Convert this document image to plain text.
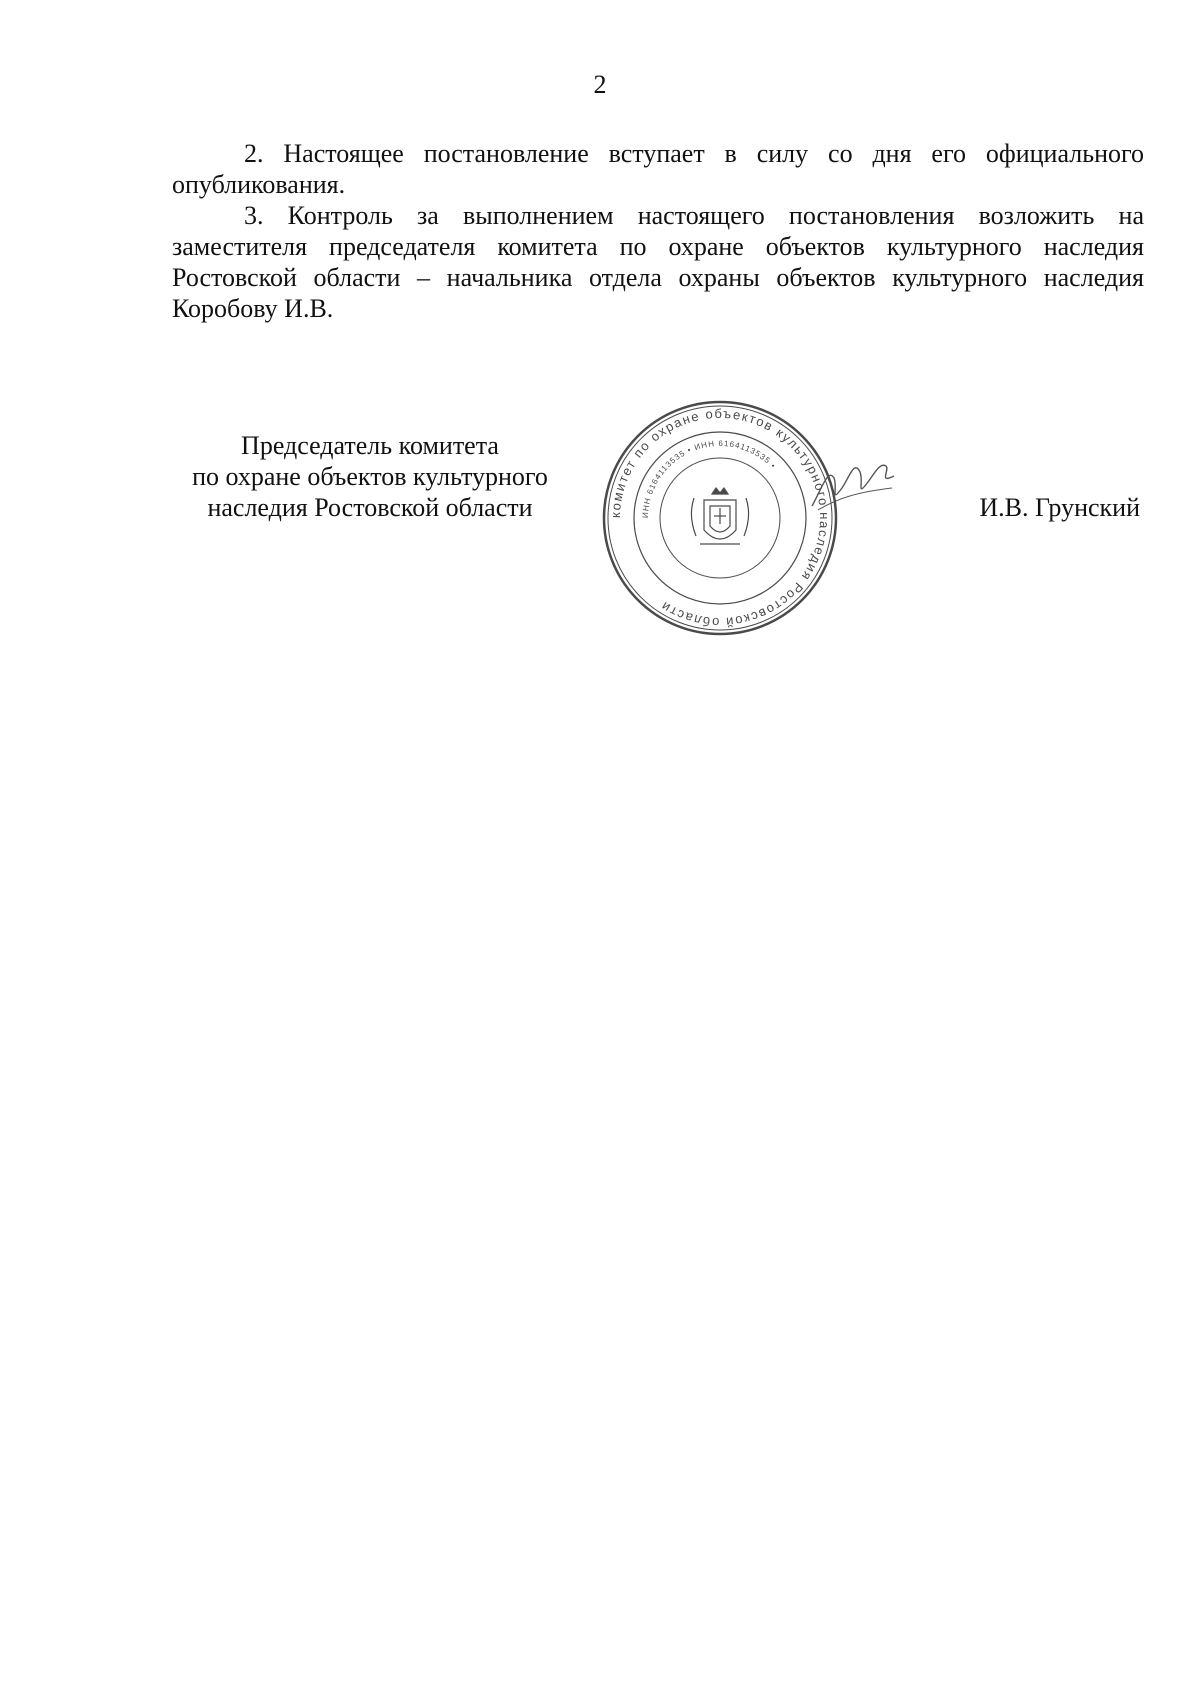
2

2. Настоящее постановление вступает в силу со дня его официального опубликования.

3. Контроль за выполнением настоящего постановления возложить на заместителя председателя комитета по охране объектов культурного наследия Ростовской области – начальника отдела охраны объектов культурного наследия Коробову И.В.

Председатель комитета
по охране объектов культурного
наследия Ростовской области	комитет по охране объектов культурного наследия Ростовской области
ИНН 6164113535 • ИНН 6164113535 •
И.В. Грунский
